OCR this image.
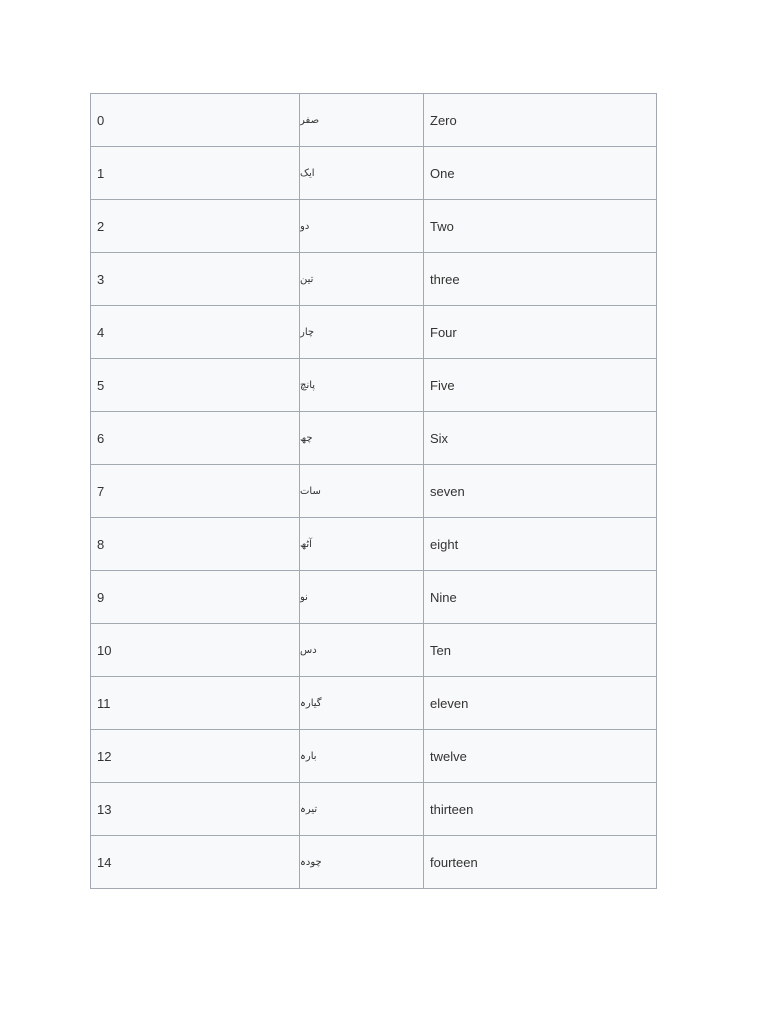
0	صفر	Zero
1	ایک	One
2	دو	Two
3	تین	three
4	چار	Four
5	پانچ	Five
6	چھ	Six
7	سات	seven
8	آٹھ	eight
9	نو	Nine
10	دس	Ten
11	گیارہ	eleven
12	بارہ	twelve
13	تیرہ	thirteen
14	چودہ	fourteen
